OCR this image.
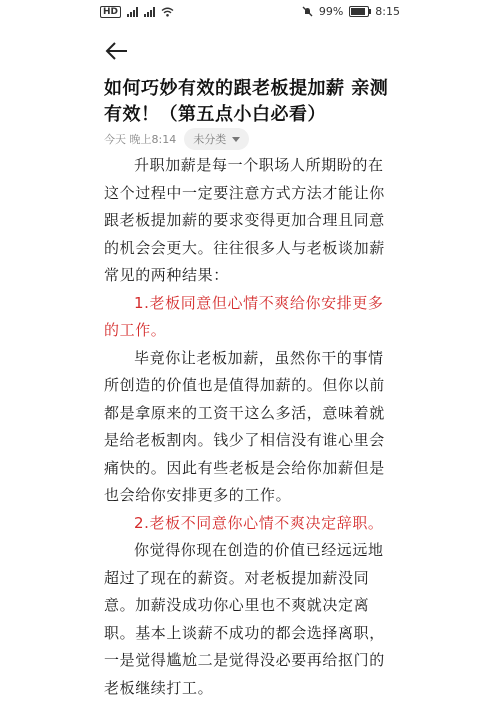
HD	99%	8:15
如何巧妙有效的跟老板提加薪 亲测有效！（第五点小白必看）
今天 晚上8:14 未分类

升职加薪是每一个职场人所期盼的在这个过程中一定要注意方式方法才能让你跟老板提加薪的要求变得更加合理且同意的机会会更大。往往很多人与老板谈加薪常见的两种结果：

1.老板同意但心情不爽给你安排更多的工作。

毕竟你让老板加薪，虽然你干的事情所创造的价值也是值得加薪的。但你以前都是拿原来的工资干这么多活，意味着就是给老板割肉。钱少了相信没有谁心里会痛快的。因此有些老板是会给你加薪但是也会给你安排更多的工作。

2.老板不同意你心情不爽决定辞职。

你觉得你现在创造的价值已经远远地超过了现在的薪资。对老板提加薪没同意。加薪没成功你心里也不爽就决定离职。基本上谈薪不成功的都会选择离职，一是觉得尴尬二是觉得没必要再给抠门的老板继续打工。
